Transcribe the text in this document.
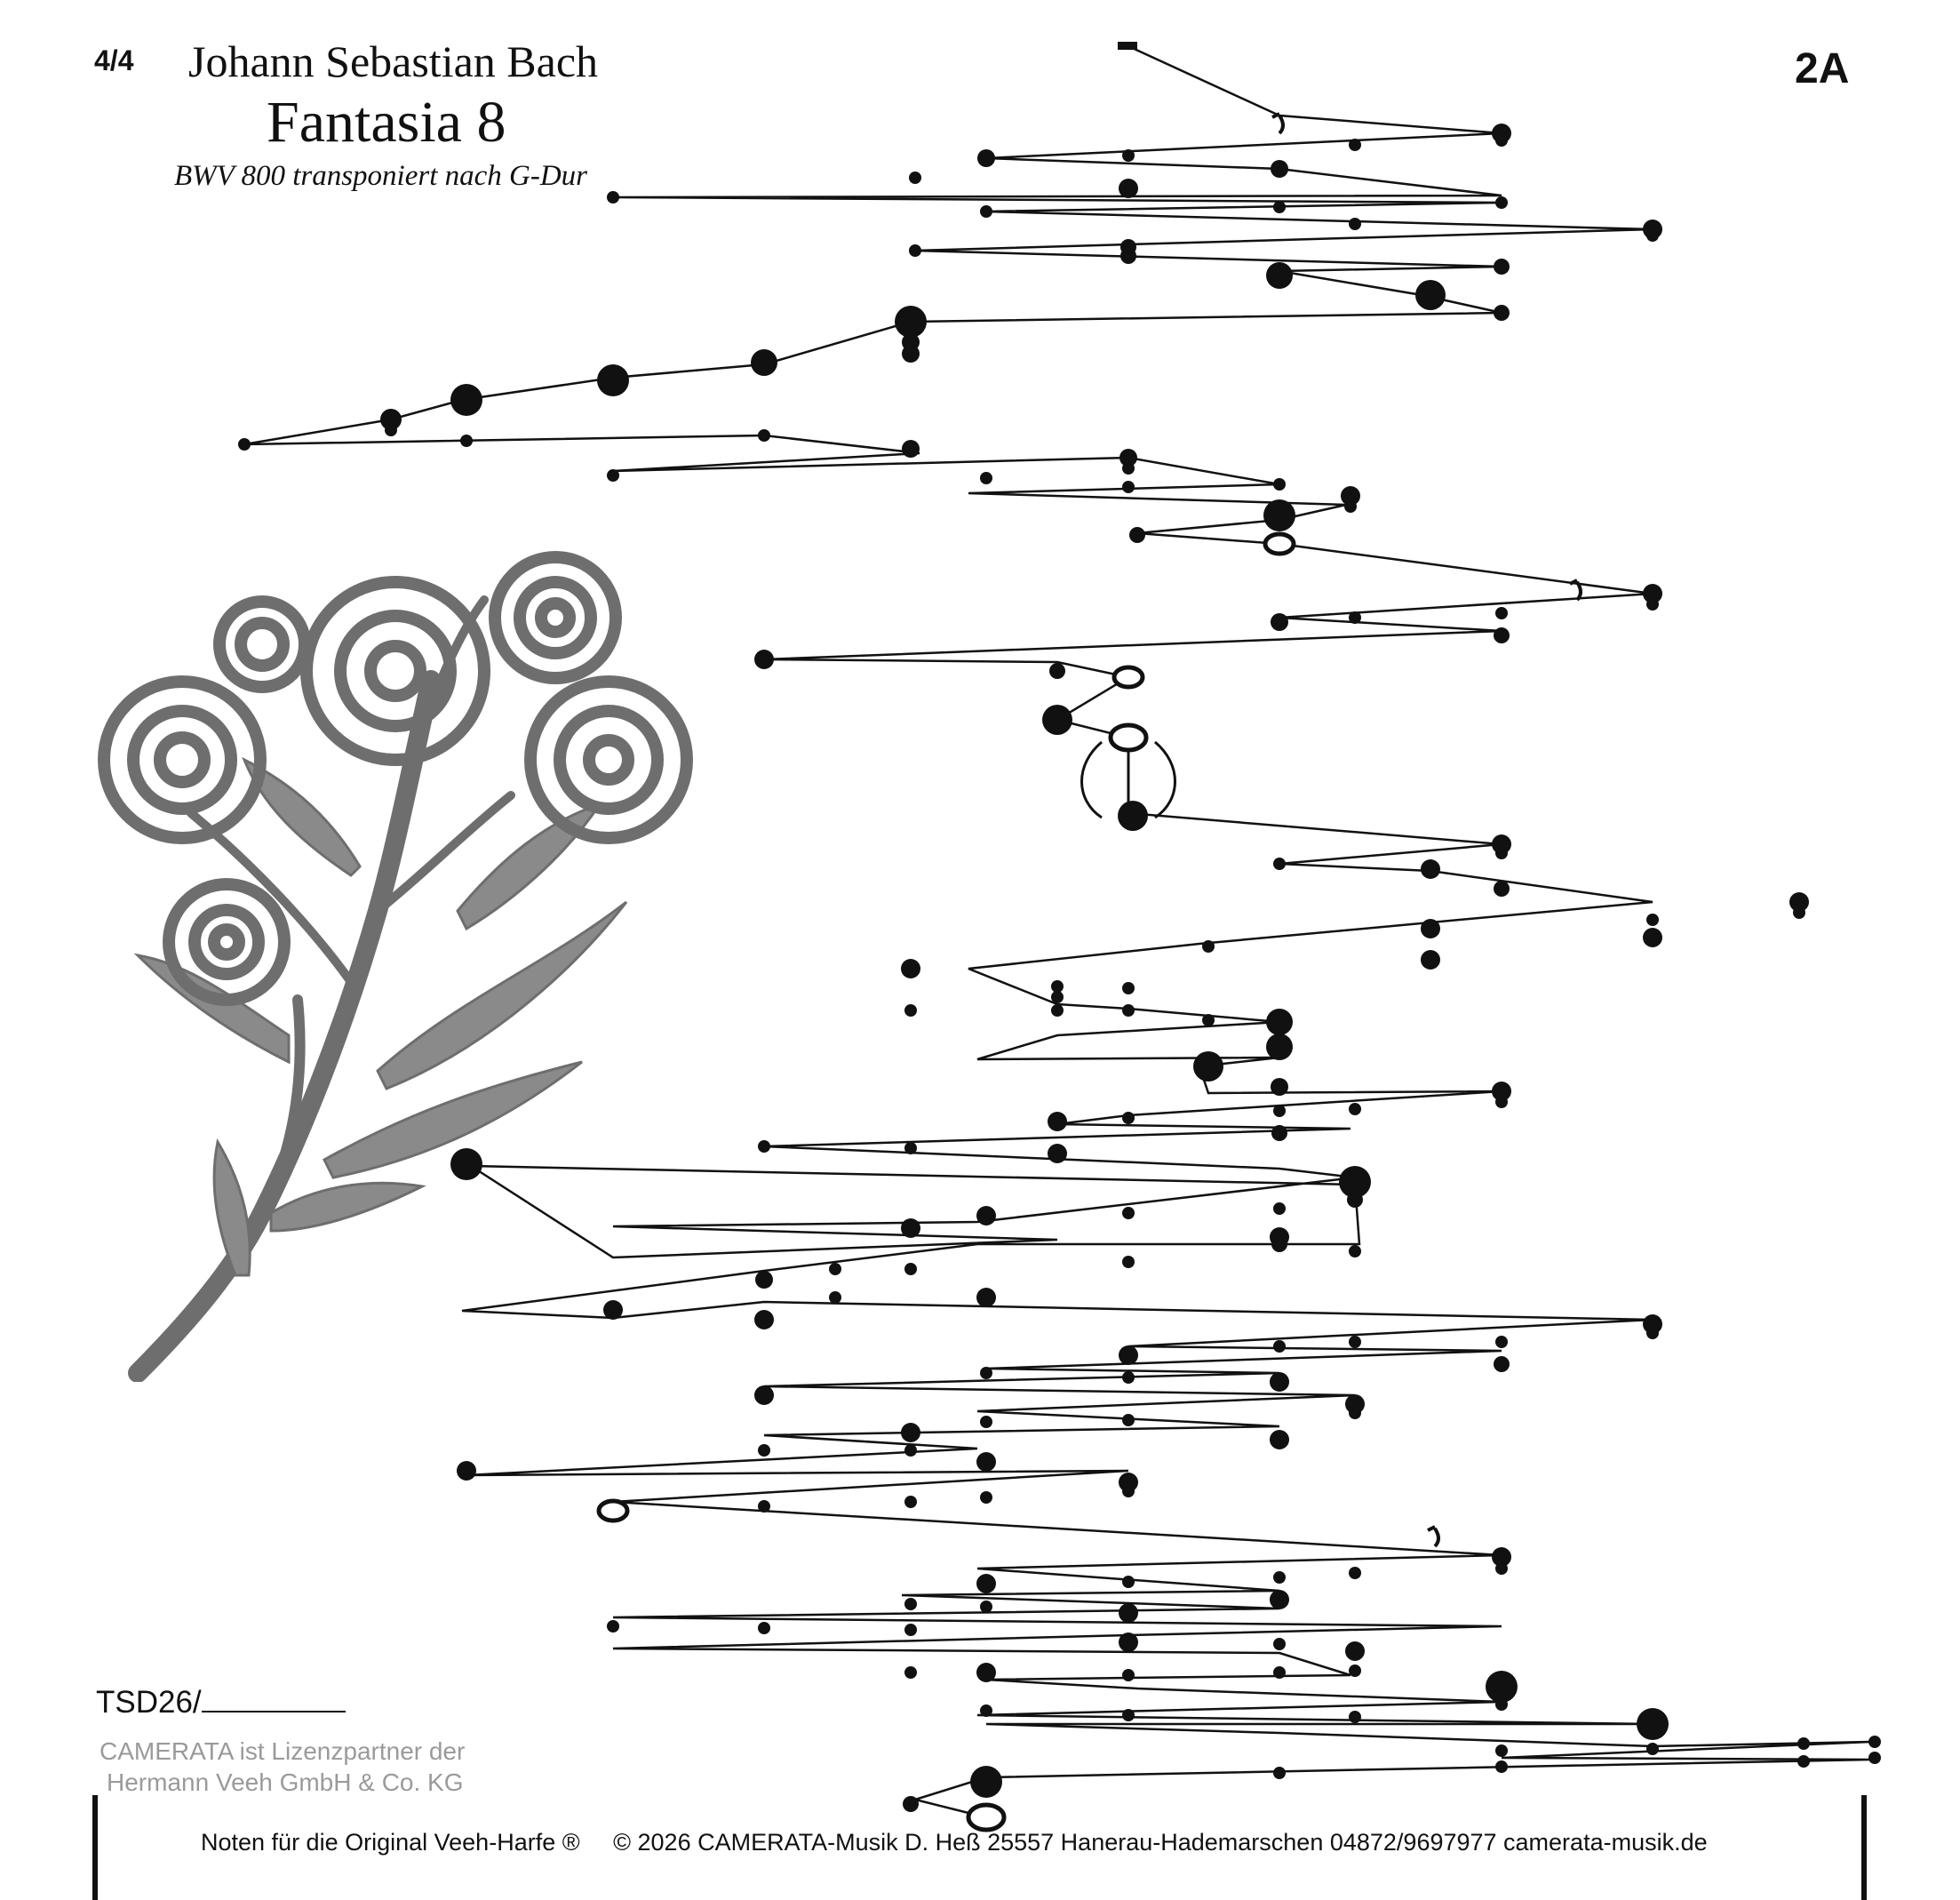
4/4 Johann Sebastian Bach
Fantasia 8
BWV 800 transponiert nach G-Dur
2A
TSD26/
CAMERATA ist Lizenzpartner der
Hermann Veeh GmbH & Co. KG
Noten für die Original Veeh-Harfe ® © 2026 CAMERATA-Musik D. Heß 25557 Hanerau-Hademarschen 04872/9697977 camerata-musik.de
